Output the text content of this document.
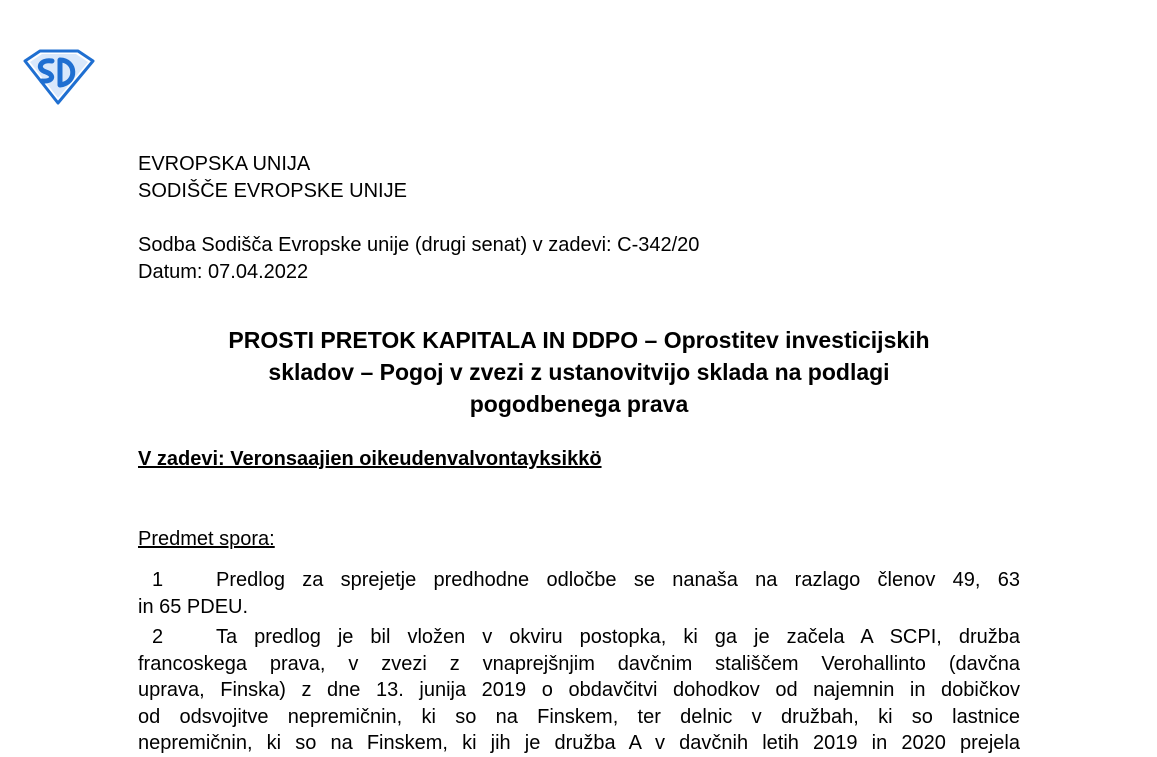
EVROPSKA UNIJA
SODIŠČE EVROPSKE UNIJE
Sodba Sodišča Evropske unije (drugi senat) v zadevi: C-342/20
Datum: 07.04.2022
PROSTI PRETOK KAPITALA IN DDPO – Oprostitev investicijskih
skladov – Pogoj v zvezi z ustanovitvijo sklada na podlagi
pogodbenega prava
V zadevi: Veronsaajien oikeudenvalvontayksikkö
Predmet spora:
1	Predlog za sprejetje predhodne odločbe se nanaša na razlago členov 49, 63
in 65 PDEU.
2	Ta predlog je bil vložen v okviru postopka, ki ga je začela A SCPI, družba
francoskega prava, v zvezi z vnaprejšnjim davčnim stališčem Verohallinto (davčna
uprava, Finska) z dne 13. junija 2019 o obdavčitvi dohodkov od najemnin in dobičkov
od odsvojitve nepremičnin, ki so na Finskem, ter delnic v družbah, ki so lastnice
nepremičnin, ki so na Finskem, ki jih je družba A v davčnih letih 2019 in 2020 prejela
